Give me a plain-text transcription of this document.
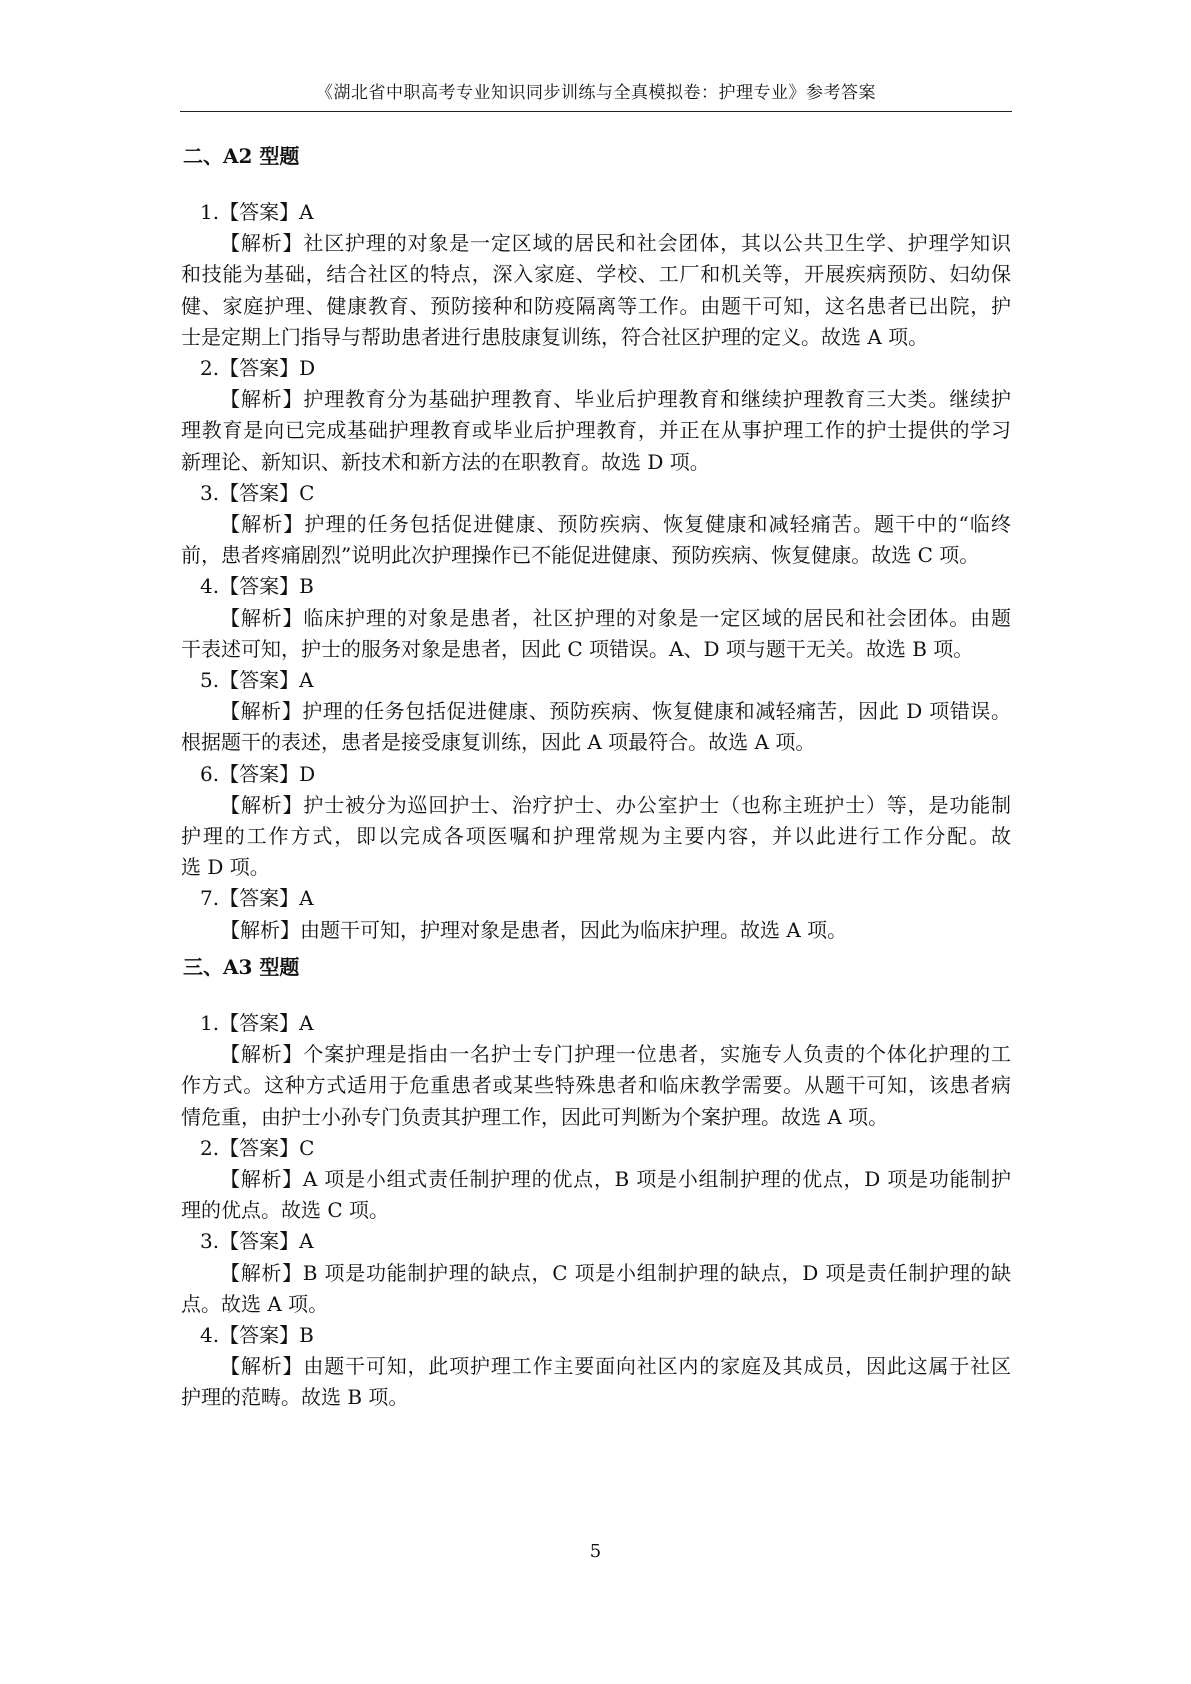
《湖北省中职高考专业知识同步训练与全真模拟卷：护理专业》参考答案
二、A2 型题
1.【答案】A
【解析】社区护理的对象是一定区域的居民和社会团体，其以公共卫生学、护理学知识
和技能为基础，结合社区的特点，深入家庭、学校、工厂和机关等，开展疾病预防、妇幼保
健、家庭护理、健康教育、预防接种和防疫隔离等工作。由题干可知，这名患者已出院，护
士是定期上门指导与帮助患者进行患肢康复训练，符合社区护理的定义。故选 A 项。
2.【答案】D
【解析】护理教育分为基础护理教育、毕业后护理教育和继续护理教育三大类。继续护
理教育是向已完成基础护理教育或毕业后护理教育，并正在从事护理工作的护士提供的学习
新理论、新知识、新技术和新方法的在职教育。故选 D 项。
3.【答案】C
【解析】护理的任务包括促进健康、预防疾病、恢复健康和减轻痛苦。题干中的“临终
前，患者疼痛剧烈”说明此次护理操作已不能促进健康、预防疾病、恢复健康。故选 C 项。
4.【答案】B
【解析】临床护理的对象是患者，社区护理的对象是一定区域的居民和社会团体。由题
干表述可知，护士的服务对象是患者，因此 C 项错误。A、D 项与题干无关。故选 B 项。
5.【答案】A
【解析】护理的任务包括促进健康、预防疾病、恢复健康和减轻痛苦，因此 D 项错误。
根据题干的表述，患者是接受康复训练，因此 A 项最符合。故选 A 项。
6.【答案】D
【解析】护士被分为巡回护士、治疗护士、办公室护士（也称主班护士）等，是功能制
护理的工作方式，即以完成各项医嘱和护理常规为主要内容，并以此进行工作分配。故
选 D 项。
7.【答案】A
【解析】由题干可知，护理对象是患者，因此为临床护理。故选 A 项。
三、A3 型题
1.【答案】A
【解析】个案护理是指由一名护士专门护理一位患者，实施专人负责的个体化护理的工
作方式。这种方式适用于危重患者或某些特殊患者和临床教学需要。从题干可知，该患者病
情危重，由护士小孙专门负责其护理工作，因此可判断为个案护理。故选 A 项。
2.【答案】C
【解析】A 项是小组式责任制护理的优点，B 项是小组制护理的优点，D 项是功能制护
理的优点。故选 C 项。
3.【答案】A
【解析】B 项是功能制护理的缺点，C 项是小组制护理的缺点，D 项是责任制护理的缺
点。故选 A 项。
4.【答案】B
【解析】由题干可知，此项护理工作主要面向社区内的家庭及其成员，因此这属于社区
护理的范畴。故选 B 项。
5
